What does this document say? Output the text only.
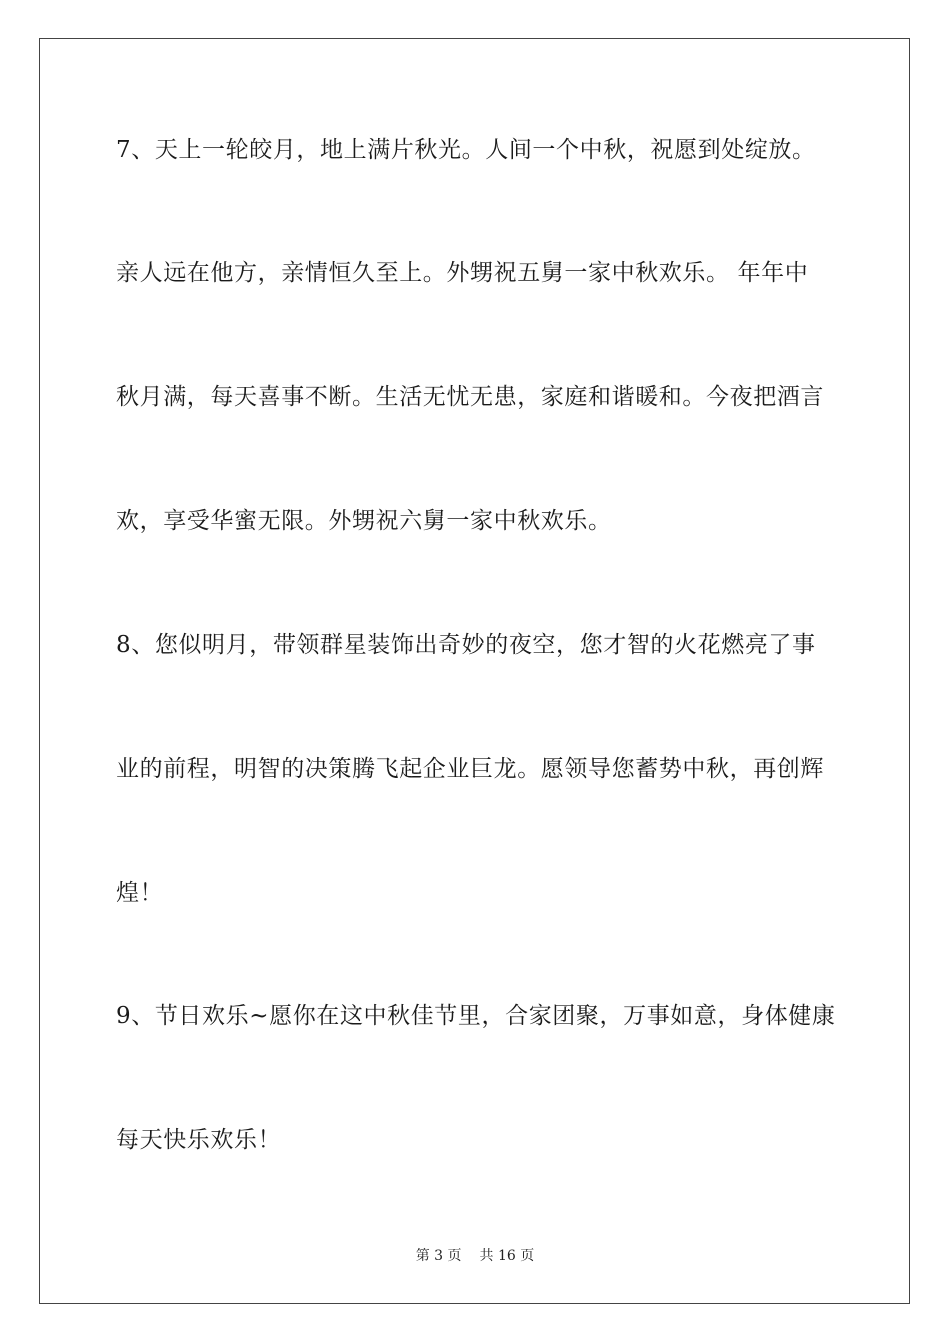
7、天上一轮皎月，地上满片秋光。人间一个中秋，祝愿到处绽放。
亲人远在他方，亲情恒久至上。外甥祝五舅一家中秋欢乐。 年年中
秋月满，每天喜事不断。生活无忧无患，家庭和谐暖和。今夜把酒言
欢，享受华蜜无限。外甥祝六舅一家中秋欢乐。
8、您似明月，带领群星装饰出奇妙的夜空，您才智的火花燃亮了事
业的前程，明智的决策腾飞起企业巨龙。愿领导您蓄势中秋，再创辉
煌！
9、节日欢乐~愿你在这中秋佳节里，合家团聚，万事如意，身体健康
每天快乐欢乐！
第 3 页 共 16 页
